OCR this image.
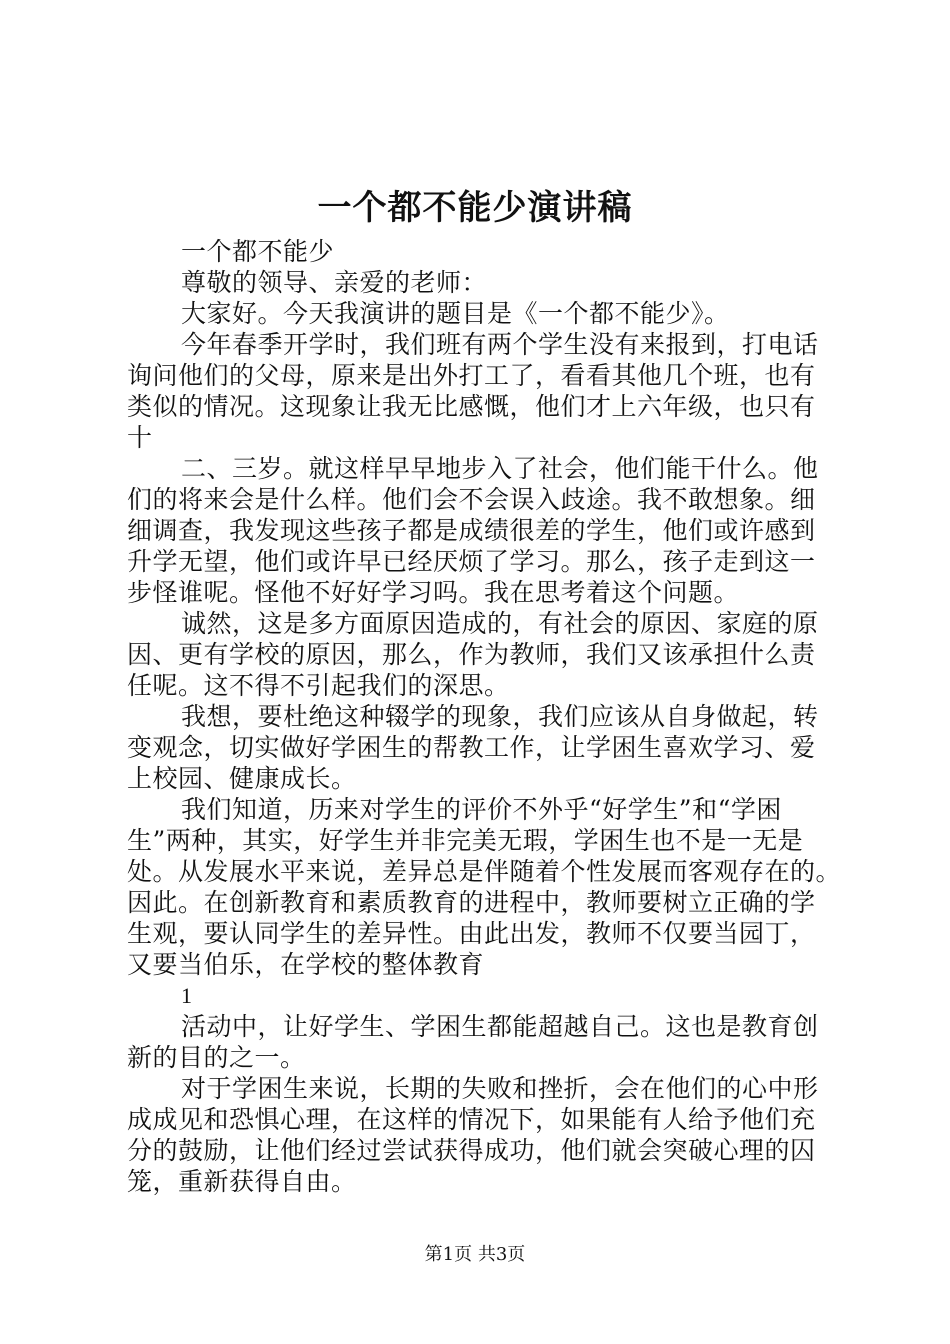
一个都不能少演讲稿
一个都不能少
尊敬的领导、亲爱的老师：
大家好。今天我演讲的题目是《一个都不能少》。
今年春季开学时，我们班有两个学生没有来报到，打电话
询问他们的父母，原来是出外打工了，看看其他几个班，也有
类似的情况。这现象让我无比感慨，他们才上六年级，也只有
十
二、三岁。就这样早早地步入了社会，他们能干什么。他
们的将来会是什么样。他们会不会误入歧途。我不敢想象。细
细调查，我发现这些孩子都是成绩很差的学生，他们或许感到
升学无望，他们或许早已经厌烦了学习。那么，孩子走到这一
步怪谁呢。怪他不好好学习吗。我在思考着这个问题。
诚然，这是多方面原因造成的，有社会的原因、家庭的原
因、更有学校的原因，那么，作为教师，我们又该承担什么责
任呢。这不得不引起我们的深思。
我想，要杜绝这种辍学的现象，我们应该从自身做起，转
变观念，切实做好学困生的帮教工作，让学困生喜欢学习、爱
上校园、健康成长。
我们知道，历来对学生的评价不外乎“好学生”和“学困
生”两种，其实，好学生并非完美无瑕，学困生也不是一无是
处。从发展水平来说，差异总是伴随着个性发展而客观存在的。
因此。在创新教育和素质教育的进程中，教师要树立正确的学
生观，要认同学生的差异性。由此出发，教师不仅要当园丁，
又要当伯乐，在学校的整体教育
1
活动中，让好学生、学困生都能超越自己。这也是教育创
新的目的之一。
对于学困生来说，长期的失败和挫折，会在他们的心中形
成成见和恐惧心理，在这样的情况下，如果能有人给予他们充
分的鼓励，让他们经过尝试获得成功，他们就会突破心理的囚
笼，重新获得自由。
第1页 共3页
